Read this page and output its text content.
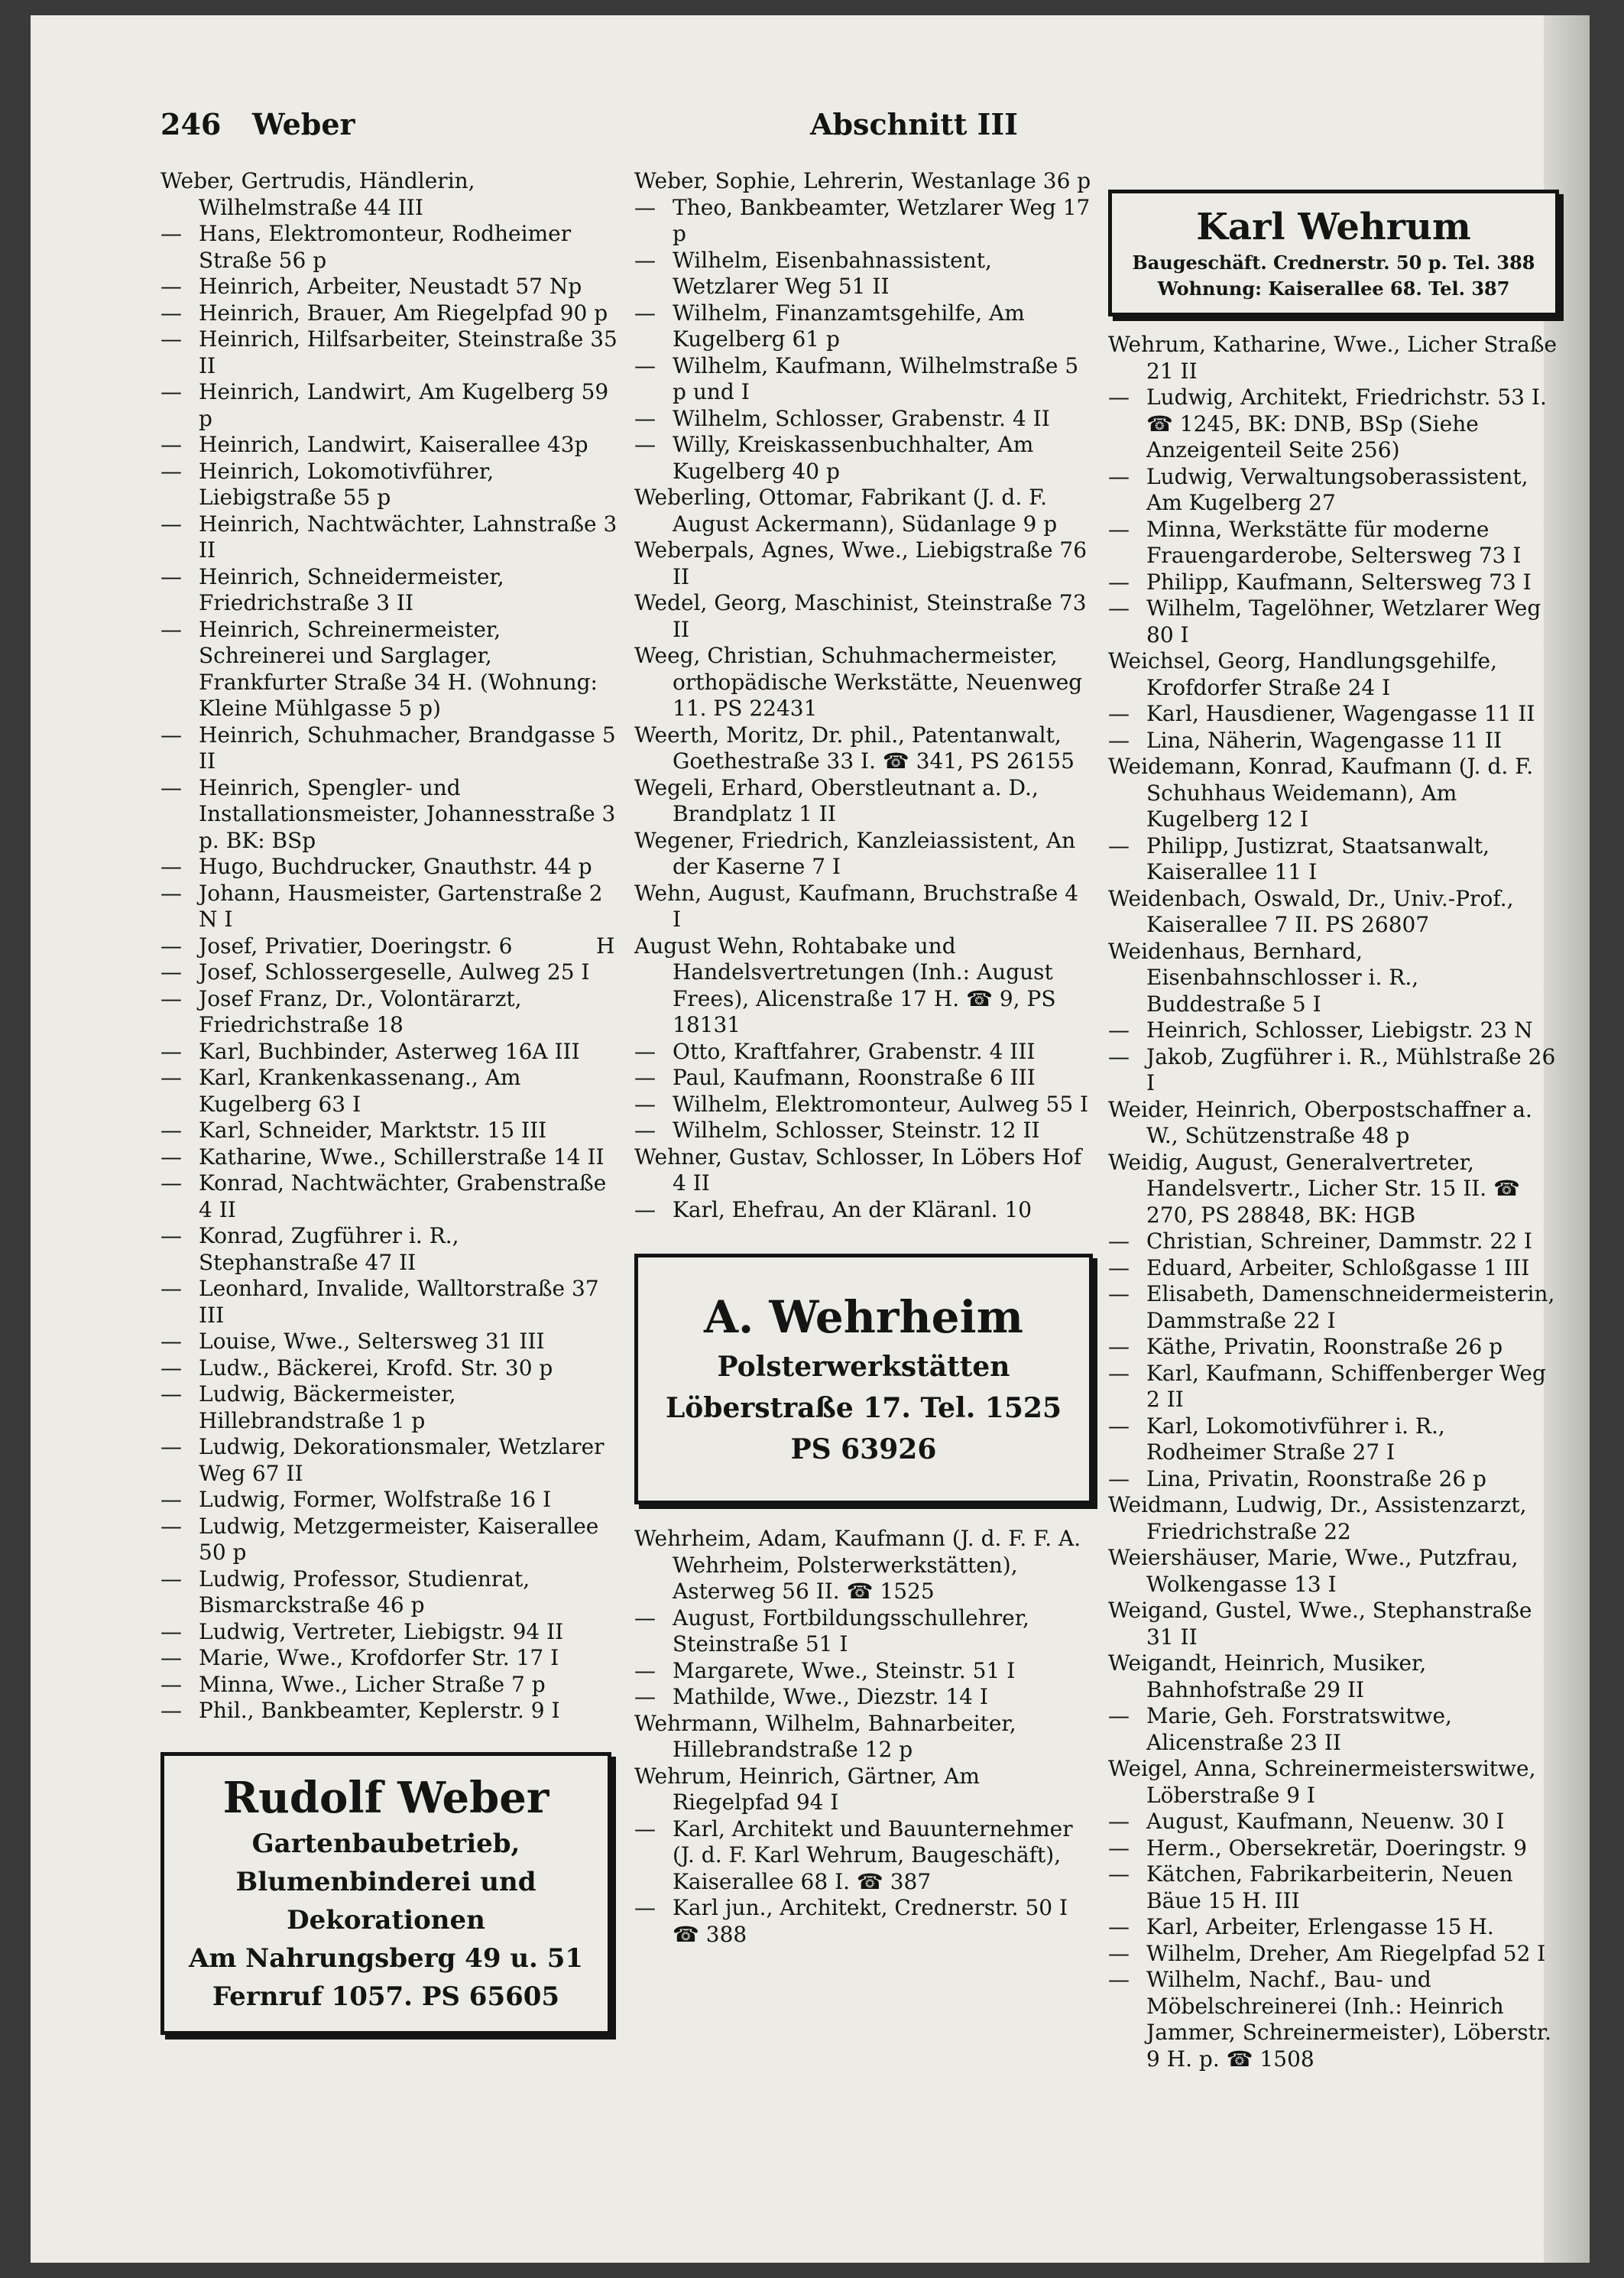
246 Weber	Abschnitt III

Weber, Gertrudis, Händlerin, Wilhelmstraße 44 III

— Hans, Elektromonteur, Rodheimer Straße 56 p

— Heinrich, Arbeiter, Neustadt 57 Np

— Heinrich, Brauer, Am Riegelpfad 90 p

— Heinrich, Hilfsarbeiter, Steinstraße 35 II

— Heinrich, Landwirt, Am Kugelberg 59 p

— Heinrich, Landwirt, Kaiserallee 43p

— Heinrich, Lokomotivführer, Liebigstraße 55 p

— Heinrich, Nachtwächter, Lahnstraße 3 II

— Heinrich, Schneidermeister, Friedrichstraße 3 II

— Heinrich, Schreinermeister, Schreinerei und Sarglager, Frankfurter Straße 34 H. (Wohnung: Kleine Mühlgasse 5 p)

— Heinrich, Schuhmacher, Brandgasse 5 II

— Heinrich, Spengler- und Installationsmeister, Johannesstraße 3 p. BK: BSp

— Hugo, Buchdrucker, Gnauthstr. 44 p

— Johann, Hausmeister, Gartenstraße 2 N I

— Josef, Privatier, Doeringstr. 6

— Josef, Schlossergeselle, Aulweg 25 I

— Josef Franz, Dr., Volontärarzt, Friedrichstraße 18

— Karl, Buchbinder, Asterweg 16A III

— Karl, Krankenkassenang., Am Kugelberg 63 I

— Karl, Schneider, Marktstr. 15 III

— Katharine, Wwe., Schillerstraße 14 II

— Konrad, Nachtwächter, Grabenstraße 4 II

— Konrad, Zugführer i. R., Stephanstraße 47 II

— Leonhard, Invalide, Walltorstraße 37 III

— Louise, Wwe., Seltersweg 31 III

— Ludw., Bäckerei, Krofd. Str. 30 p

— Ludwig, Bäckermeister, Hillebrandstraße 1 p

— Ludwig, Dekorationsmaler, Wetzlarer Weg 67 II

— Ludwig, Former, Wolfstraße 16 I

— Ludwig, Metzgermeister, Kaiserallee 50 p

— Ludwig, Professor, Studienrat, Bismarckstraße 46 p

— Ludwig, Vertreter, Liebigstr. 94 II

— Marie, Wwe., Krofdorfer Str. 17 I

— Minna, Wwe., Licher Straße 7 p

— Phil., Bankbeamter, Keplerstr. 9 I

Rudolf Weber
Gartenbaubetrieb, Blumenbinderei und Dekorationen
Am Nahrungsberg 49 u. 51
Fernruf 1057. PS 65605

Weber, Sophie, Lehrerin, Westanlage 36 p

— Theo, Bankbeamter, Wetzlarer Weg 17 p

— Wilhelm, Eisenbahnassistent, Wetzlarer Weg 51 II

— Wilhelm, Finanzamtsgehilfe, Am Kugelberg 61 p

— Wilhelm, Kaufmann, Wilhelmstraße 5 p und I

— Wilhelm, Schlosser, Grabenstr. 4 II

— Willy, Kreiskassenbuchhalter, Am Kugelberg 40 p

Weberling, Ottomar, Fabrikant (J. d. F. August Ackermann), Südanlage 9 p

Weberpals, Agnes, Wwe., Liebigstraße 76 II

Wedel, Georg, Maschinist, Steinstraße 73 II

Weeg, Christian, Schuhmachermeister, orthopädische Werkstätte, Neuenweg 11. PS 22431

Weerth, Moritz, Dr. phil., Patentanwalt, Goethestraße 33 I. ☎ 341, PS 26155

Wegeli, Erhard, Oberstleutnant a. D., Brandplatz 1 II

Wegener, Friedrich, Kanzleiassistent, An der Kaserne 7 I

Wehn, August, Kaufmann, Bruchstraße 4 I

H August Wehn, Rohtabake und Handelsvertretungen (Inh.: August Frees), Alicenstraße 17 H. ☎ 9, PS 18131

— Otto, Kraftfahrer, Grabenstr. 4 III

— Paul, Kaufmann, Roonstraße 6 III

— Wilhelm, Elektromonteur, Aulweg 55 I

— Wilhelm, Schlosser, Steinstr. 12 II

Wehner, Gustav, Schlosser, In Löbers Hof 4 II

— Karl, Ehefrau, An der Kläranl. 10

A. Wehrheim
Polsterwerkstätten
Löberstraße 17. Tel. 1525
PS 63926

Wehrheim, Adam, Kaufmann (J. d. F. F. A. Wehrheim, Polsterwerkstätten), Asterweg 56 II. ☎ 1525

— August, Fortbildungsschullehrer, Steinstraße 51 I

— Margarete, Wwe., Steinstr. 51 I

— Mathilde, Wwe., Diezstr. 14 I

Wehrmann, Wilhelm, Bahnarbeiter, Hillebrandstraße 12 p

Wehrum, Heinrich, Gärtner, Am Riegelpfad 94 I

— Karl, Architekt und Bauunternehmer (J. d. F. Karl Wehrum, Baugeschäft), Kaiserallee 68 I. ☎ 387

— Karl jun., Architekt, Crednerstr. 50 I ☎ 388

Karl Wehrum
Baugeschäft. Crednerstr. 50 p. Tel. 388
Wohnung: Kaiserallee 68. Tel. 387

Wehrum, Katharine, Wwe., Licher Straße 21 II

— Ludwig, Architekt, Friedrichstr. 53 I. ☎ 1245, BK: DNB, BSp (Siehe Anzeigenteil Seite 256)

— Ludwig, Verwaltungsoberassistent, Am Kugelberg 27

— Minna, Werkstätte für moderne Frauengarderobe, Seltersweg 73 I

— Philipp, Kaufmann, Seltersweg 73 I

— Wilhelm, Tagelöhner, Wetzlarer Weg 80 I

Weichsel, Georg, Handlungsgehilfe, Krofdorfer Straße 24 I

— Karl, Hausdiener, Wagengasse 11 II

— Lina, Näherin, Wagengasse 11 II

Weidemann, Konrad, Kaufmann (J. d. F. Schuhhaus Weidemann), Am Kugelberg 12 I

— Philipp, Justizrat, Staatsanwalt, Kaiserallee 11 I

Weidenbach, Oswald, Dr., Univ.-Prof., Kaiserallee 7 II. PS 26807

Weidenhaus, Bernhard, Eisenbahnschlosser i. R., Buddestraße 5 I

— Heinrich, Schlosser, Liebigstr. 23 N

— Jakob, Zugführer i. R., Mühlstraße 26 I

Weider, Heinrich, Oberpostschaffner a. W., Schützenstraße 48 p

Weidig, August, Generalvertreter, Handelsvertr., Licher Str. 15 II. ☎ 270, PS 28848, BK: HGB

— Christian, Schreiner, Dammstr. 22 I

— Eduard, Arbeiter, Schloßgasse 1 III

— Elisabeth, Damenschneidermeisterin, Dammstraße 22 I

— Käthe, Privatin, Roonstraße 26 p

— Karl, Kaufmann, Schiffenberger Weg 2 II

— Karl, Lokomotivführer i. R., Rodheimer Straße 27 I

— Lina, Privatin, Roonstraße 26 p

Weidmann, Ludwig, Dr., Assistenzarzt, Friedrichstraße 22

Weiershäuser, Marie, Wwe., Putzfrau, Wolkengasse 13 I

Weigand, Gustel, Wwe., Stephanstraße 31 II

Weigandt, Heinrich, Musiker, Bahnhofstraße 29 II

— Marie, Geh. Forstratswitwe, Alicenstraße 23 II

Weigel, Anna, Schreinermeisterswitwe, Löberstraße 9 I

— August, Kaufmann, Neuenw. 30 I

— Herm., Obersekretär, Doeringstr. 9

— Kätchen, Fabrikarbeiterin, Neuen Bäue 15 H. III

— Karl, Arbeiter, Erlengasse 15 H.

— Wilhelm, Dreher, Am Riegelpfad 52 I

— Wilhelm, Nachf., Bau- und Möbelschreinerei (Inh.: Heinrich Jammer, Schreinermeister), Löberstr. 9 H. p. ☎ 1508
